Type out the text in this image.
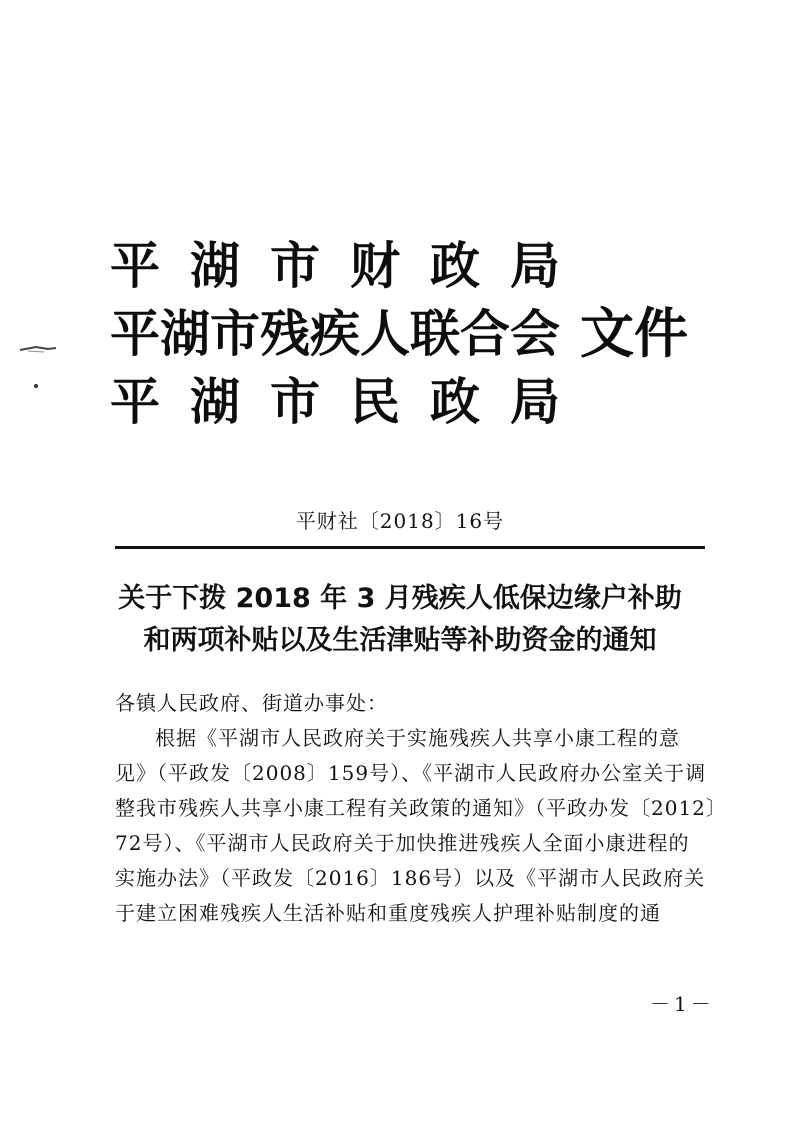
平湖市财政局
平湖市残疾人联合会 文件
平湖市民政局
平财社〔2018〕16号
关于下拨 2018 年 3 月残疾人低保边缘户补助
和两项补贴以及生活津贴等补助资金的通知
各镇人民政府、街道办事处：
根据《平湖市人民政府关于实施残疾人共享小康工程的意
见》（平政发〔2008〕159号）、《平湖市人民政府办公室关于调
整我市残疾人共享小康工程有关政策的通知》（平政办发〔2012〕
72号）、《平湖市人民政府关于加快推进残疾人全面小康进程的
实施办法》（平政发〔2016〕186号）以及《平湖市人民政府关
于建立困难残疾人生活补贴和重度残疾人护理补贴制度的通
－1－
